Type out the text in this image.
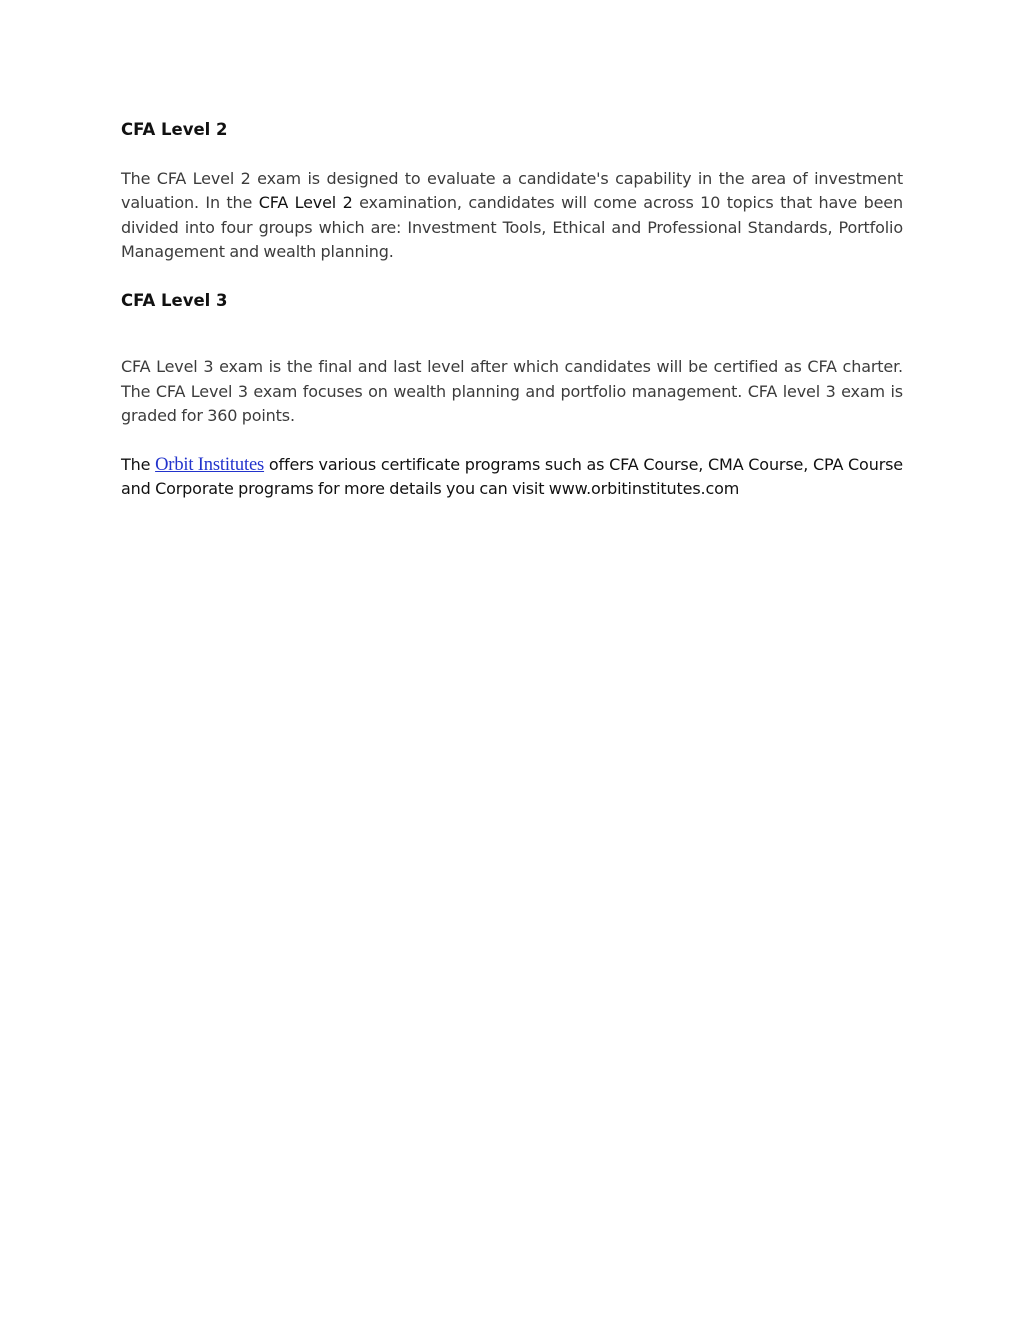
CFA Level 2

The CFA Level 2 exam is designed to evaluate a candidate's capability in the area of investment valuation. In the CFA Level 2 examination, candidates will come across 10 topics that have been divided into four groups which are: Investment Tools, Ethical and Professional Standards, Portfolio Management and wealth planning.

CFA Level 3

CFA Level 3 exam is the final and last level after which candidates will be certified as CFA charter. The CFA Level 3 exam focuses on wealth planning and portfolio management. CFA level 3 exam is graded for 360 points.

The Orbit Institutes offers various certificate programs such as CFA Course, CMA Course, CPA Course and Corporate programs for more details you can visit www.orbitinstitutes.com
